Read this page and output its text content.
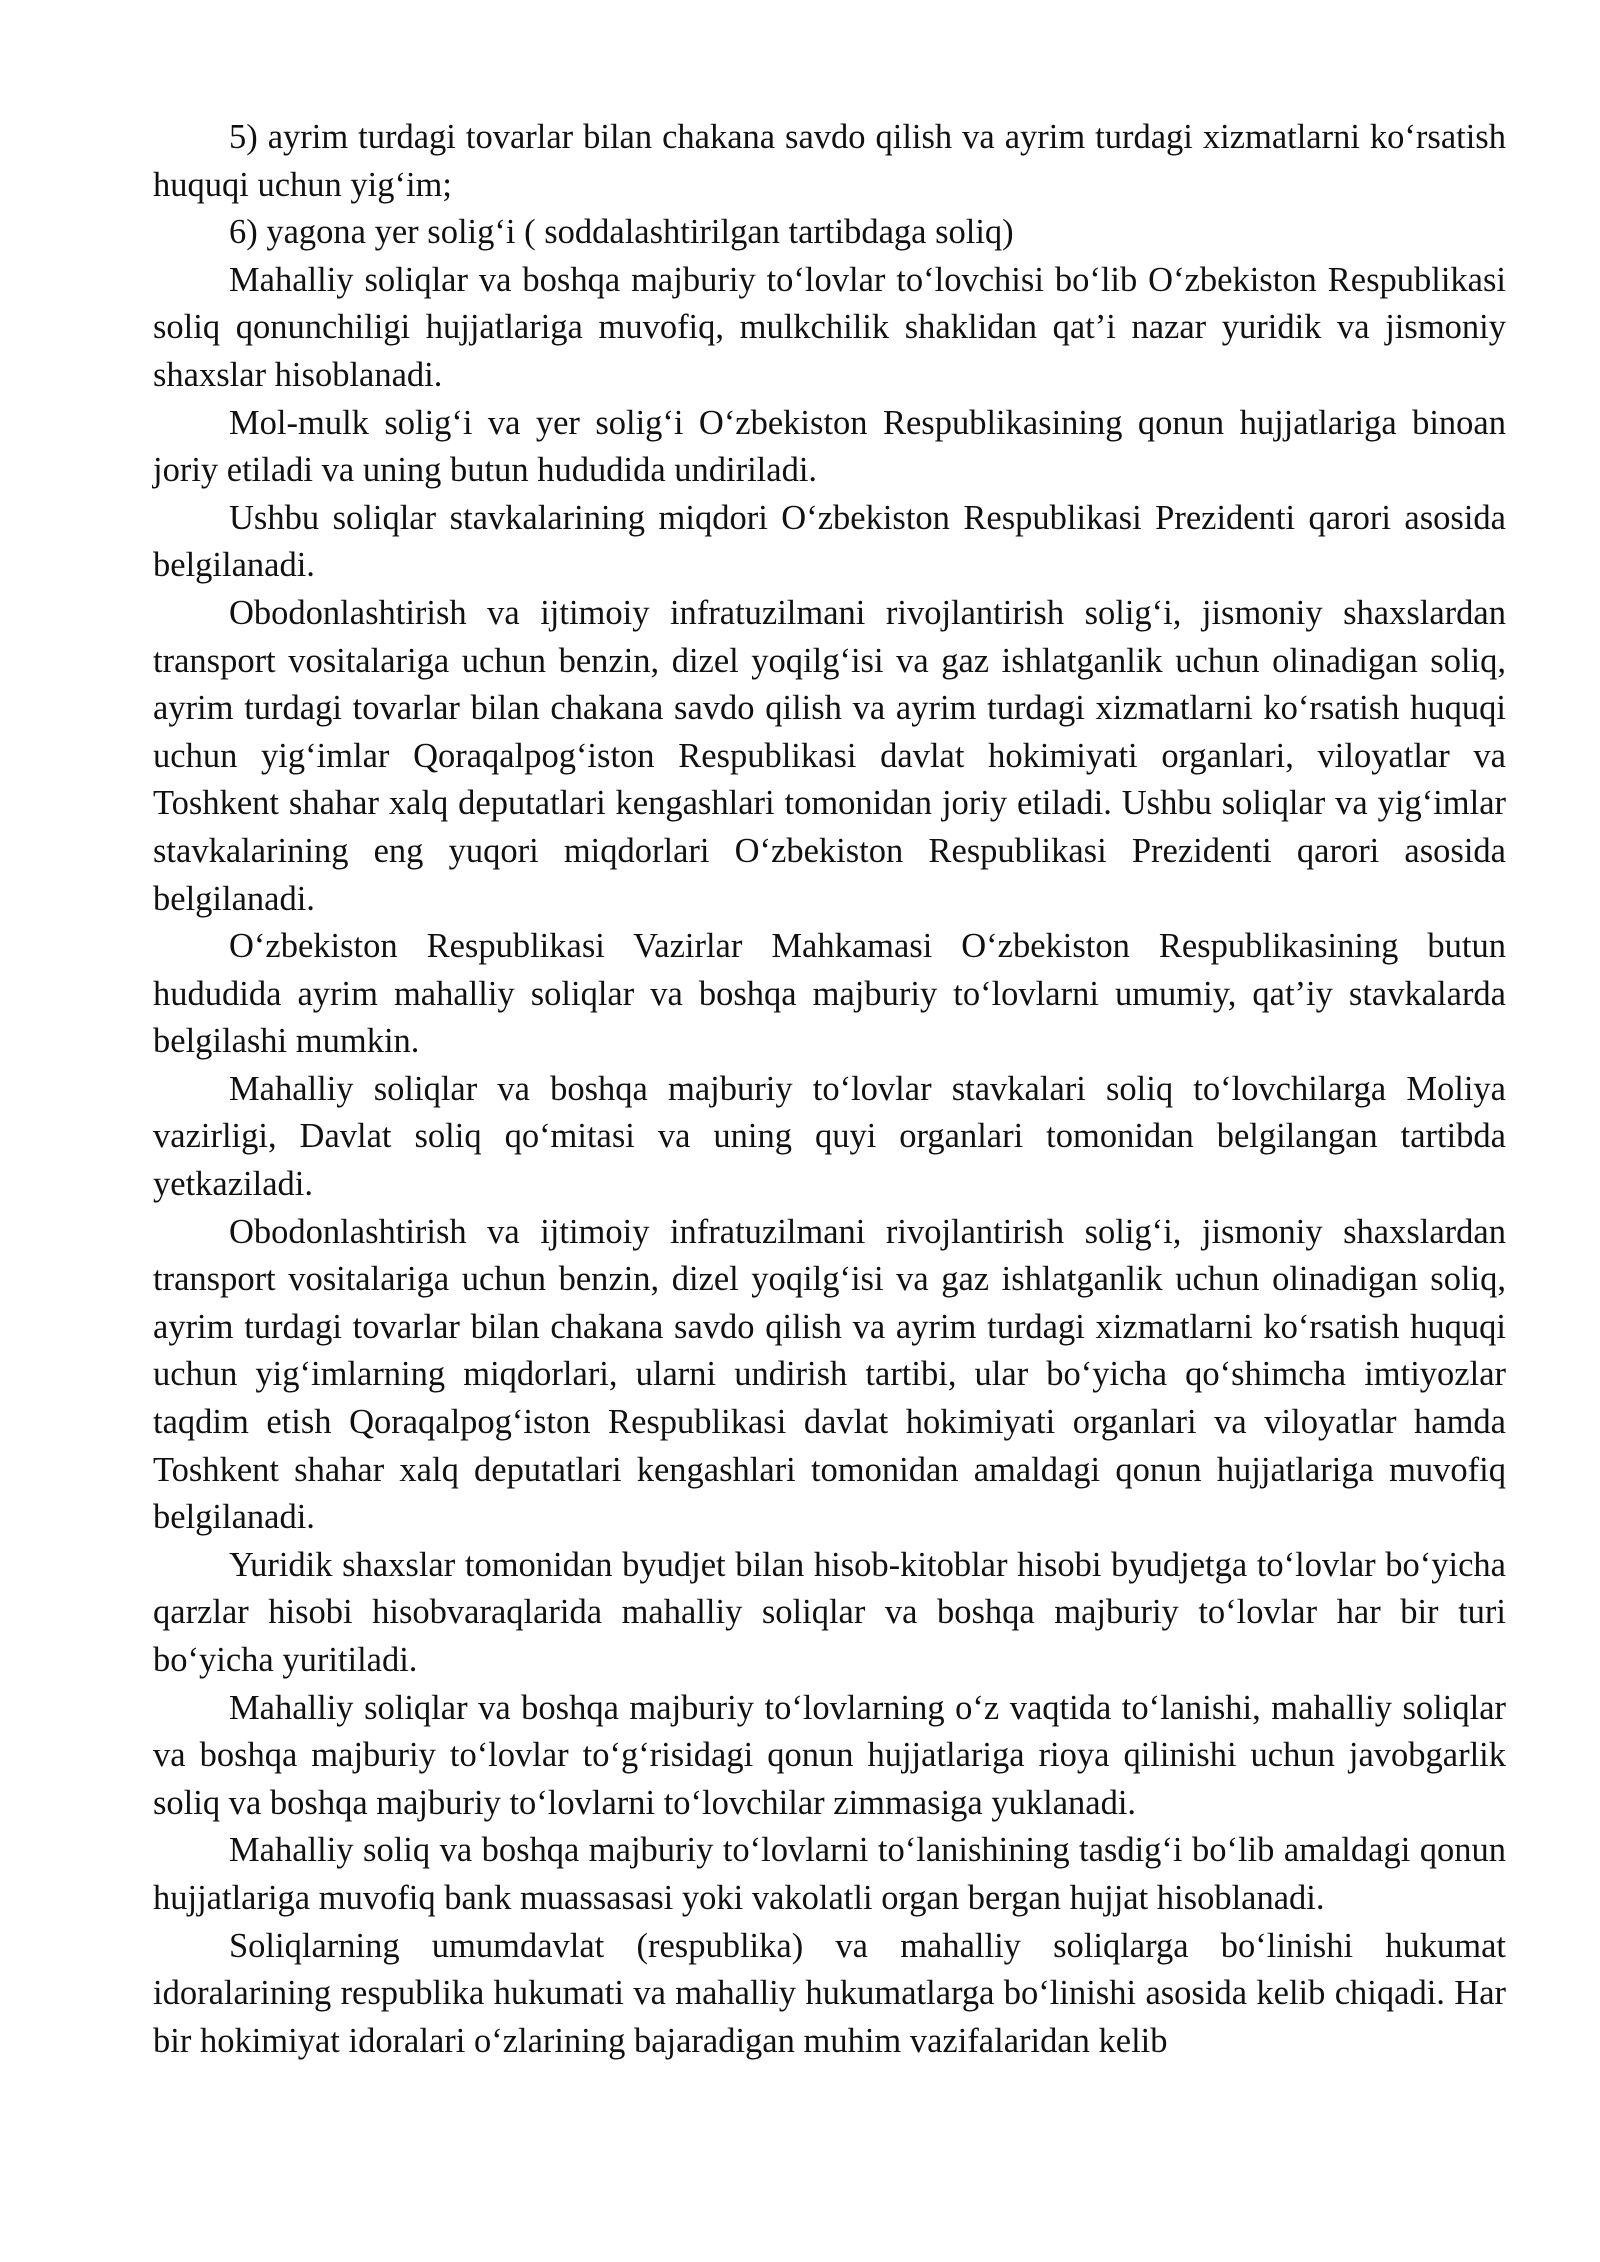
5) ayrim turdagi tovarlar bilan chakana savdo qilish va ayrim turdagi xizmatlarni ko‘rsatish huquqi uchun yig‘im;

6) yagona yer solig‘i ( soddalashtirilgan tartibdaga soliq)

Mahalliy soliqlar va boshqa majburiy to‘lovlar to‘lovchisi bo‘lib O‘zbekiston Respublikasi soliq qonunchiligi hujjatlariga muvofiq, mulkchilik shaklidan qat’i nazar yuridik va jismoniy shaxslar hisoblanadi.

Mol-mulk solig‘i va yer solig‘i O‘zbekiston Respublikasining qonun hujjatlariga binoan joriy etiladi va uning butun hududida undiriladi.

Ushbu soliqlar stavkalarining miqdori O‘zbekiston Respublikasi Prezidenti qarori asosida belgilanadi.

Obodonlashtirish va ijtimoiy infratuzilmani rivojlantirish solig‘i, jismoniy shaxslardan transport vositalariga uchun benzin, dizel yoqilg‘isi va gaz ishlatganlik uchun olinadigan soliq, ayrim turdagi tovarlar bilan chakana savdo qilish va ayrim turdagi xizmatlarni ko‘rsatish huquqi uchun yig‘imlar Qoraqalpog‘iston Respublikasi davlat hokimiyati organlari, viloyatlar va Toshkent shahar xalq deputatlari kengashlari tomonidan joriy etiladi. Ushbu soliqlar va yig‘imlar stavkalarining eng yuqori miqdorlari O‘zbekiston Respublikasi Prezidenti qarori asosida belgilanadi.

O‘zbekiston Respublikasi Vazirlar Mahkamasi O‘zbekiston Respublikasining butun hududida ayrim mahalliy soliqlar va boshqa majburiy to‘lovlarni umumiy, qat’iy stavkalarda belgilashi mumkin.

Mahalliy soliqlar va boshqa majburiy to‘lovlar stavkalari soliq to‘lovchilarga Moliya vazirligi, Davlat soliq qo‘mitasi va uning quyi organlari tomonidan belgilangan tartibda yetkaziladi.

Obodonlashtirish va ijtimoiy infratuzilmani rivojlantirish solig‘i, jismoniy shaxslardan transport vositalariga uchun benzin, dizel yoqilg‘isi va gaz ishlatganlik uchun olinadigan soliq, ayrim turdagi tovarlar bilan chakana savdo qilish va ayrim turdagi xizmatlarni ko‘rsatish huquqi uchun yig‘imlarning miqdorlari, ularni undirish tartibi, ular bo‘yicha qo‘shimcha imtiyozlar taqdim etish Qoraqalpog‘iston Respublikasi davlat hokimiyati organlari va viloyatlar hamda Toshkent shahar xalq deputatlari kengashlari tomonidan amaldagi qonun hujjatlariga muvofiq belgilanadi.

Yuridik shaxslar tomonidan byudjet bilan hisob-kitoblar hisobi byudjetga to‘lovlar bo‘yicha qarzlar hisobi hisobvaraqlarida mahalliy soliqlar va boshqa majburiy to‘lovlar har bir turi bo‘yicha yuritiladi.

Mahalliy soliqlar va boshqa majburiy to‘lovlarning o‘z vaqtida to‘lanishi, mahalliy soliqlar va boshqa majburiy to‘lovlar to‘g‘risidagi qonun hujjatlariga rioya qilinishi uchun javobgarlik soliq va boshqa majburiy to‘lovlarni to‘lovchilar zimmasiga yuklanadi.

Mahalliy soliq va boshqa majburiy to‘lovlarni to‘lanishining tasdig‘i bo‘lib amaldagi qonun hujjatlariga muvofiq bank muassasasi yoki vakolatli organ bergan hujjat hisoblanadi.

Soliqlarning umumdavlat (respublika) va mahalliy soliqlarga bo‘linishi hukumat idoralarining respublika hukumati va mahalliy hukumatlarga bo‘linishi asosida kelib chiqadi. Har bir hokimiyat idoralari o‘zlarining bajaradigan muhim vazifalaridan kelib
